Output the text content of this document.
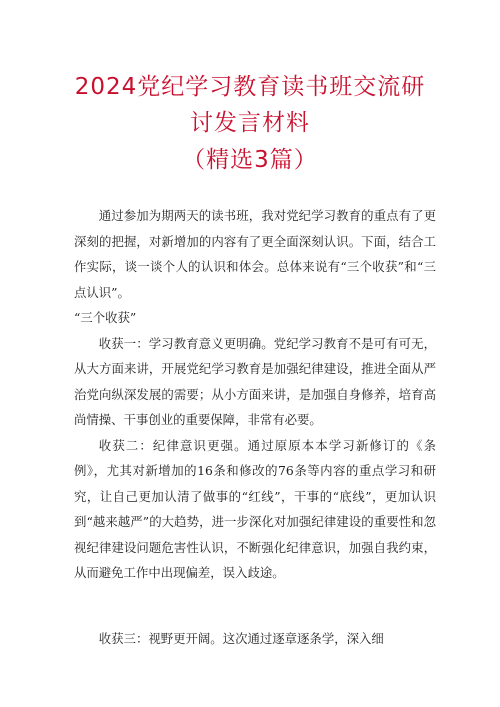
2024党纪学习教育读书班交流研
讨发言材料
（精选3篇）

通过参加为期两天的读书班，我对党纪学习教育的重点有了更深刻的把握，对新增加的内容有了更全面深刻认识。下面，结合工作实际，谈一谈个人的认识和体会。总体来说有“三个收获”和“三点认识”。

“三个收获”

收获一：学习教育意义更明确。党纪学习教育不是可有可无，从大方面来讲，开展党纪学习教育是加强纪律建设，推进全面从严治党向纵深发展的需要；从小方面来讲，是加强自身修养，培育高尚情操、干事创业的重要保障，非常有必要。

收获二：纪律意识更强。通过原原本本学习新修订的《条例》，尤其对新增加的16条和修改的76条等内容的重点学习和研究，让自己更加认清了做事的“红线”，干事的“底线”，更加认识到“越来越严”的大趋势，进一步深化对加强纪律建设的重要性和忽视纪律建设问题危害性认识，不断强化纪律意识，加强自我约束，从而避免工作中出现偏差，误入歧途。

收获三：视野更开阔。这次通过逐章逐条学，深入细
